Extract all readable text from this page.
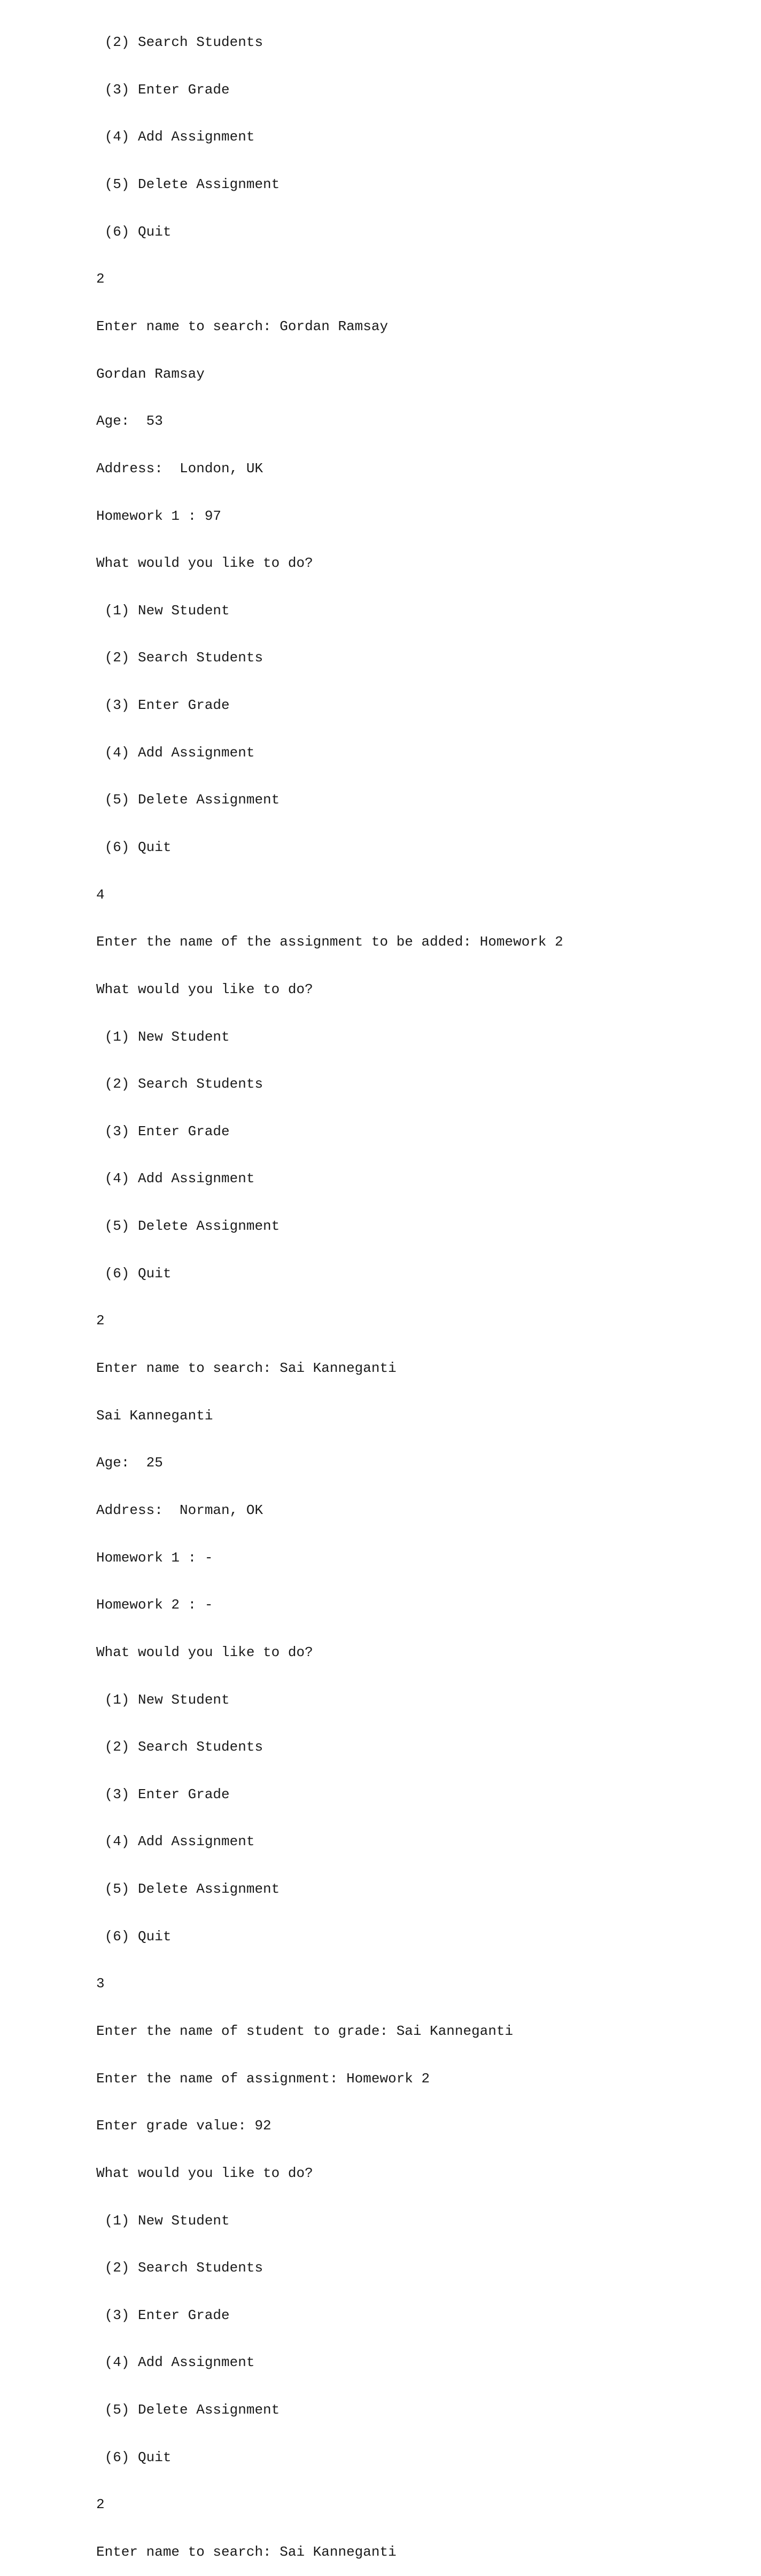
(2) Search Students

(3) Enter Grade

(4) Add Assignment

(5) Delete Assignment

(6) Quit

2

Enter name to search: Gordan Ramsay

Gordan Ramsay

Age:  53

Address:  London, UK

Homework 1 : 97

What would you like to do?

(1) New Student

(2) Search Students

(3) Enter Grade

(4) Add Assignment

(5) Delete Assignment

(6) Quit

4

Enter the name of the assignment to be added: Homework 2

What would you like to do?

(1) New Student

(2) Search Students

(3) Enter Grade

(4) Add Assignment

(5) Delete Assignment

(6) Quit

2

Enter name to search: Sai Kanneganti

Sai Kanneganti

Age:  25

Address:  Norman, OK

Homework 1 : -

Homework 2 : -

What would you like to do?

(1) New Student

(2) Search Students

(3) Enter Grade

(4) Add Assignment

(5) Delete Assignment

(6) Quit

3

Enter the name of student to grade: Sai Kanneganti

Enter the name of assignment: Homework 2

Enter grade value: 92

What would you like to do?

(1) New Student

(2) Search Students

(3) Enter Grade

(4) Add Assignment

(5) Delete Assignment

(6) Quit

2

Enter name to search: Sai Kanneganti
